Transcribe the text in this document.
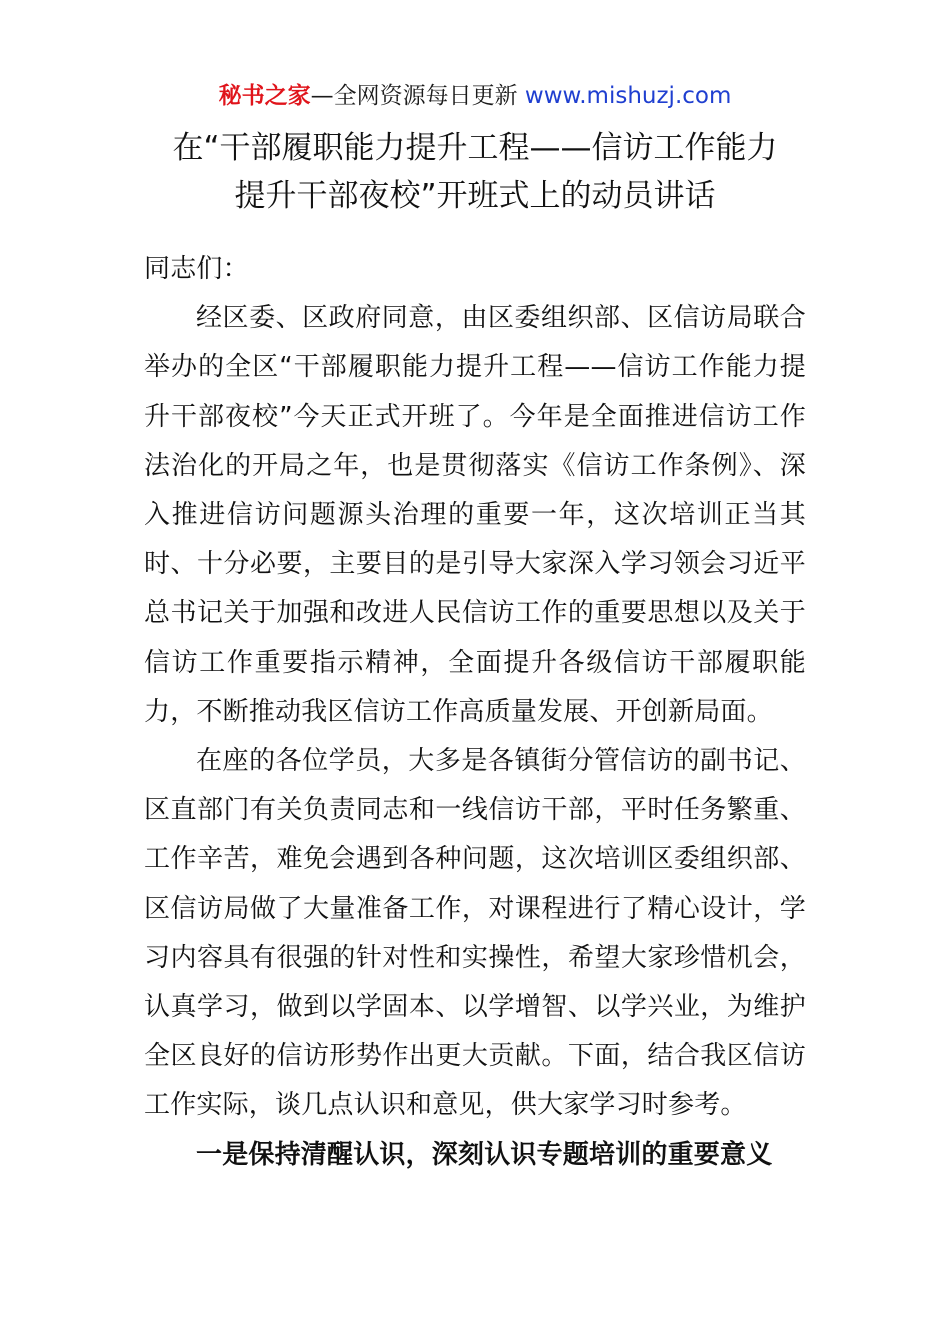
秘书之家—全网资源每日更新 www.mishuzj.com
在“干部履职能力提升工程——信访工作能力
提升干部夜校”开班式上的动员讲话

同志们：

经区委、区政府同意，由区委组织部、区信访局联合举办的全区“干部履职能力提升工程——信访工作能力提升干部夜校”今天正式开班了。今年是全面推进信访工作法治化的开局之年，也是贯彻落实《信访工作条例》、深入推进信访问题源头治理的重要一年，这次培训正当其时、十分必要，主要目的是引导大家深入学习领会习近平总书记关于加强和改进人民信访工作的重要思想以及关于信访工作重要指示精神，全面提升各级信访干部履职能力，不断推动我区信访工作高质量发展、开创新局面。

在座的各位学员，大多是各镇街分管信访的副书记、区直部门有关负责同志和一线信访干部，平时任务繁重、工作辛苦，难免会遇到各种问题，这次培训区委组织部、区信访局做了大量准备工作，对课程进行了精心设计，学习内容具有很强的针对性和实操性，希望大家珍惜机会，认真学习，做到以学固本、以学增智、以学兴业，为维护全区良好的信访形势作出更大贡献。下面，结合我区信访工作实际，谈几点认识和意见，供大家学习时参考。

一是保持清醒认识，深刻认识专题培训的重要意义
